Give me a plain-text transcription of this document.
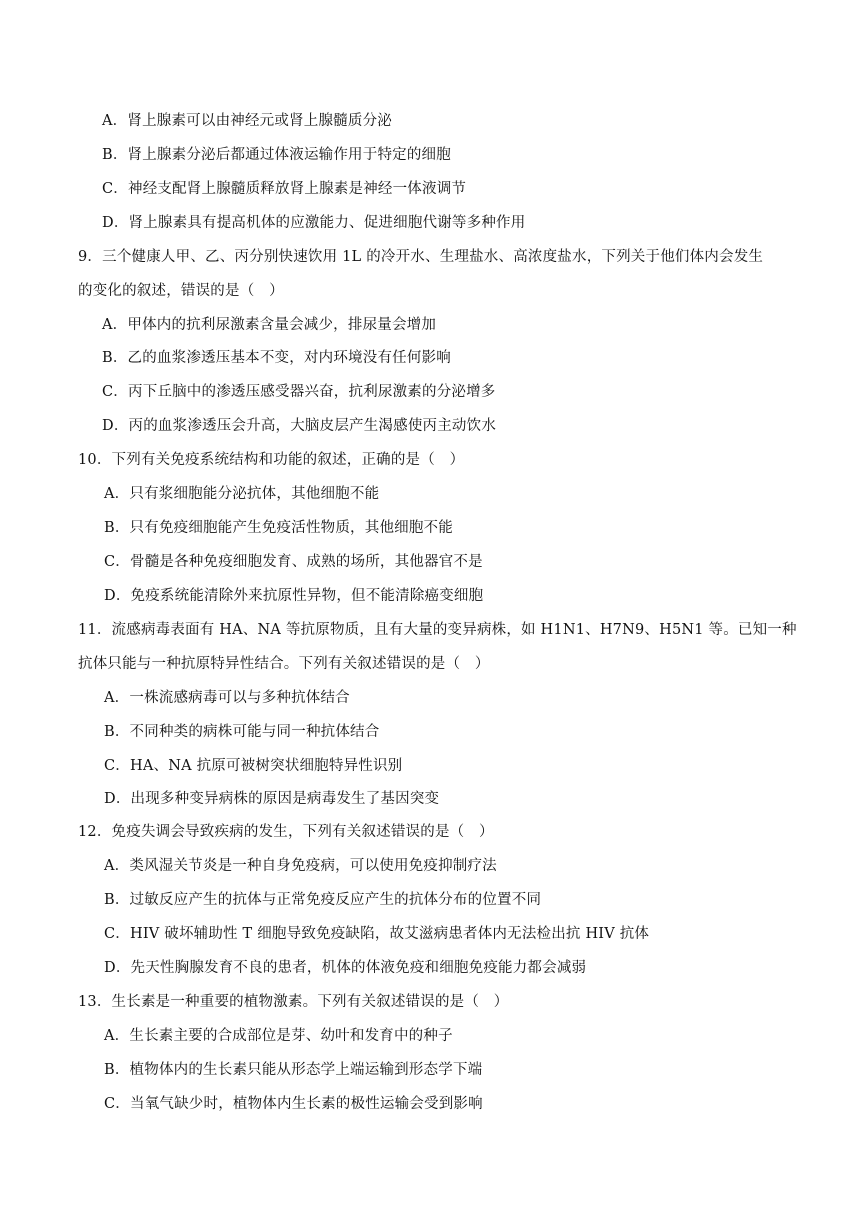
A．肾上腺素可以由神经元或肾上腺髓质分泌
B．肾上腺素分泌后都通过体液运输作用于特定的细胞
C．神经支配肾上腺髓质释放肾上腺素是神经一体液调节
D．肾上腺素具有提高机体的应激能力、促进细胞代谢等多种作用
9．三个健康人甲、乙、丙分别快速饮用 1L 的冷开水、生理盐水、高浓度盐水，下列关于他们体内会发生
的变化的叙述，错误的是（　）
A．甲体内的抗利尿激素含量会减少，排尿量会增加
B．乙的血浆渗透压基本不变，对内环境没有任何影响
C．丙下丘脑中的渗透压感受器兴奋，抗利尿激素的分泌增多
D．丙的血浆渗透压会升高，大脑皮层产生渴感使丙主动饮水
10．下列有关免疫系统结构和功能的叙述，正确的是（　）
A．只有浆细胞能分泌抗体，其他细胞不能
B．只有免疫细胞能产生免疫活性物质，其他细胞不能
C．骨髓是各种免疫细胞发育、成熟的场所，其他器官不是
D．免疫系统能清除外来抗原性异物，但不能清除癌变细胞
11．流感病毒表面有 HA、NA 等抗原物质，且有大量的变异病株，如 H1N1、H7N9、H5N1 等。已知一种
抗体只能与一种抗原特异性结合。下列有关叙述错误的是（　）
A．一株流感病毒可以与多种抗体结合
B．不同种类的病株可能与同一种抗体结合
C．HA、NA 抗原可被树突状细胞特异性识别
D．出现多种变异病株的原因是病毒发生了基因突变
12．免疫失调会导致疾病的发生，下列有关叙述错误的是（　）
A．类风湿关节炎是一种自身免疫病，可以使用免疫抑制疗法
B．过敏反应产生的抗体与正常免疫反应产生的抗体分布的位置不同
C．HIV 破坏辅助性 T 细胞导致免疫缺陷，故艾滋病患者体内无法检出抗 HIV 抗体
D．先天性胸腺发育不良的患者，机体的体液免疫和细胞免疫能力都会减弱
13．生长素是一种重要的植物激素。下列有关叙述错误的是（　）
A．生长素主要的合成部位是芽、幼叶和发育中的种子
B．植物体内的生长素只能从形态学上端运输到形态学下端
C．当氧气缺少时，植物体内生长素的极性运输会受到影响
